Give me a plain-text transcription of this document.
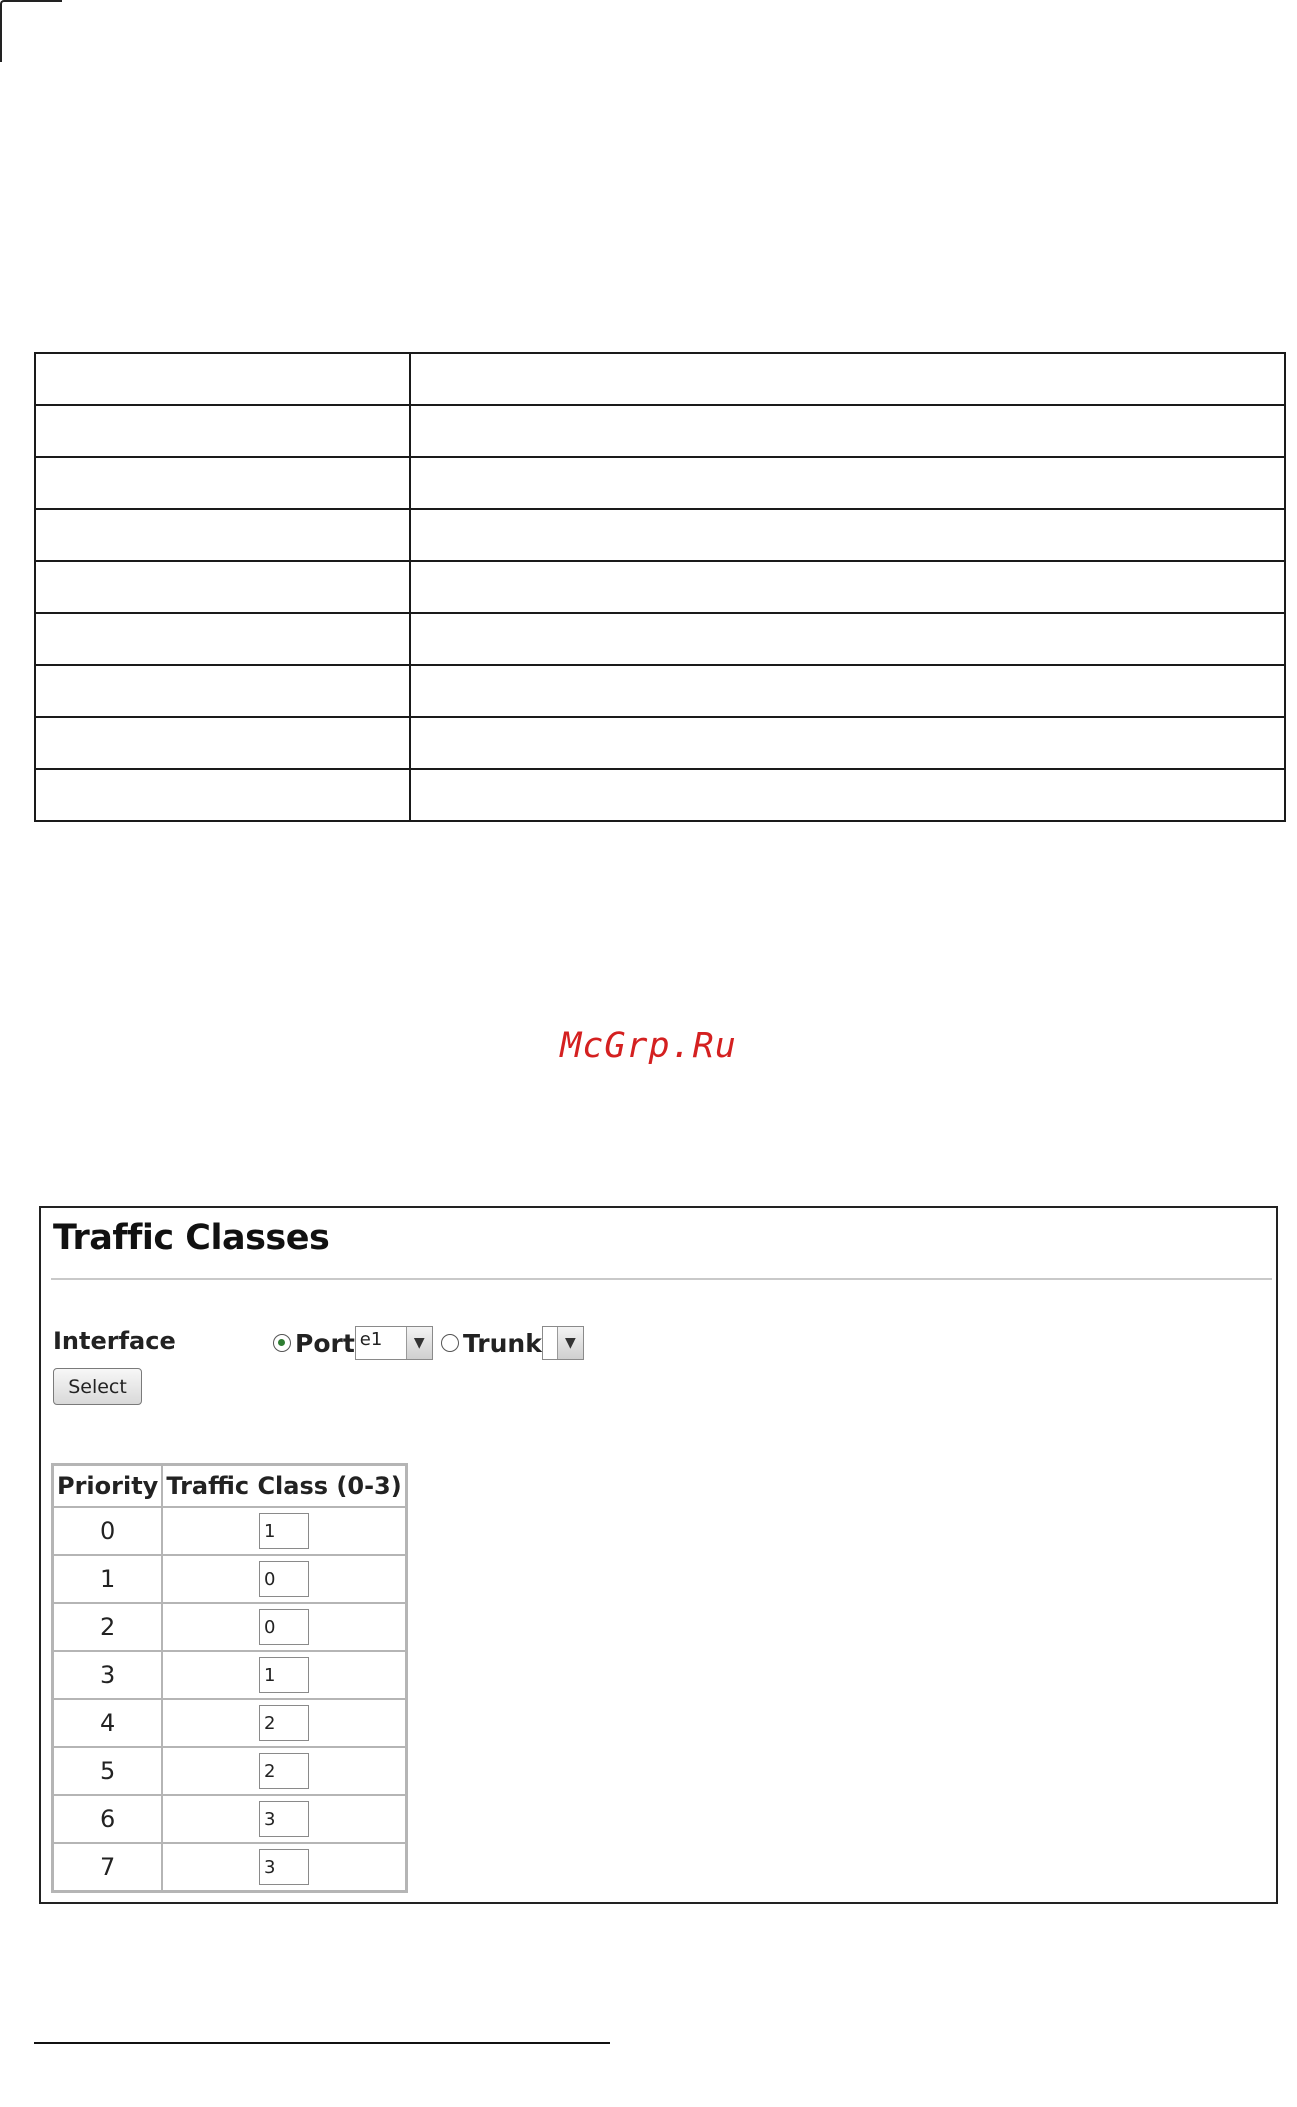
McGrp.Ru
Traffic Classes
Interface	Port e1	▼ Trunk	▼
Select
Priority	Traffic Class (0-3)
0	1
1	0
2	0
3	1
4	2
5	2
6	3
7	3
